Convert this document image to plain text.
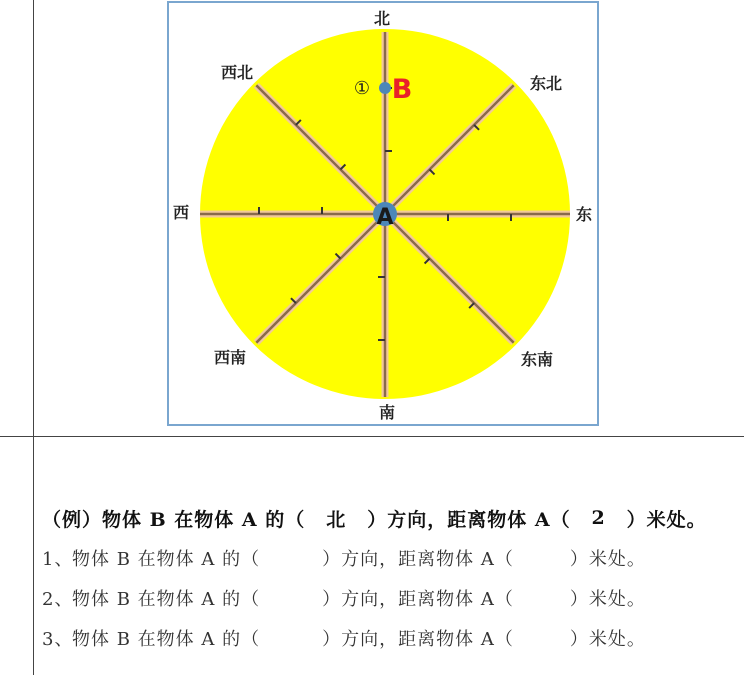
A
① B
北
东北
东
东南
南
西南
西
西北
（例）物体 B 在物体 A 的（	北	）方向，距离物体 A（	2	）米处。
1、
物体 B 在物体 A 的（	）方向，距离物体 A（	）米处。
2、
物体 B 在物体 A 的（	）方向，距离物体 A（	）米处。
3、
物体 B 在物体 A 的（	）方向，距离物体 A（	）米处。
